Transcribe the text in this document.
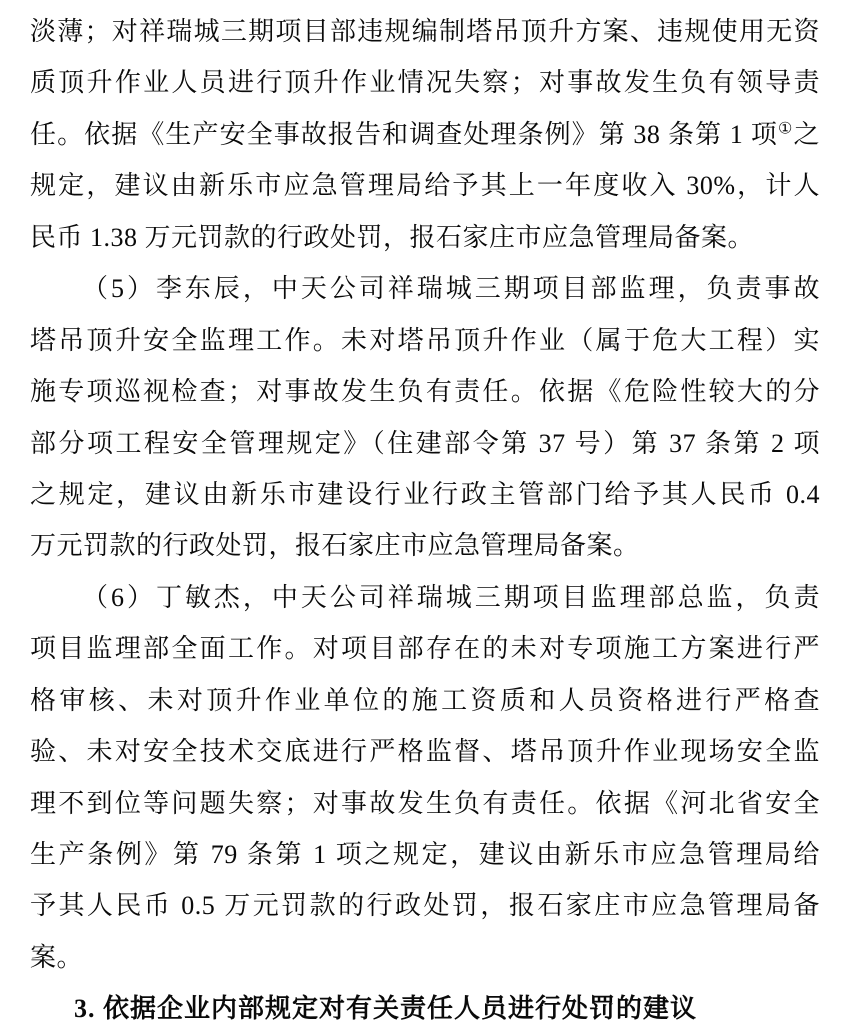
淡薄；对祥瑞城三期项目部违规编制塔吊顶升方案、违规使用无资
质顶升作业人员进行顶升作业情况失察；对事故发生负有领导责
任。依据《生产安全事故报告和调查处理条例》第 38 条第 1 项①之
规定，建议由新乐市应急管理局给予其上一年度收入 30%，计人
民币 1.38 万元罚款的行政处罚，报石家庄市应急管理局备案。
（5）李东辰，中天公司祥瑞城三期项目部监理，负责事故
塔吊顶升安全监理工作。未对塔吊顶升作业（属于危大工程）实
施专项巡视检查；对事故发生负有责任。依据《危险性较大的分
部分项工程安全管理规定》（住建部令第 37 号）第 37 条第 2 项
之规定，建议由新乐市建设行业行政主管部门给予其人民币 0.4
万元罚款的行政处罚，报石家庄市应急管理局备案。
（6）丁敏杰，中天公司祥瑞城三期项目监理部总监，负责
项目监理部全面工作。对项目部存在的未对专项施工方案进行严
格审核、未对顶升作业单位的施工资质和人员资格进行严格查
验、未对安全技术交底进行严格监督、塔吊顶升作业现场安全监
理不到位等问题失察；对事故发生负有责任。依据《河北省安全
生产条例》第 79 条第 1 项之规定，建议由新乐市应急管理局给
予其人民币 0.5 万元罚款的行政处罚，报石家庄市应急管理局备
案。
3. 依据企业内部规定对有关责任人员进行处罚的建议
